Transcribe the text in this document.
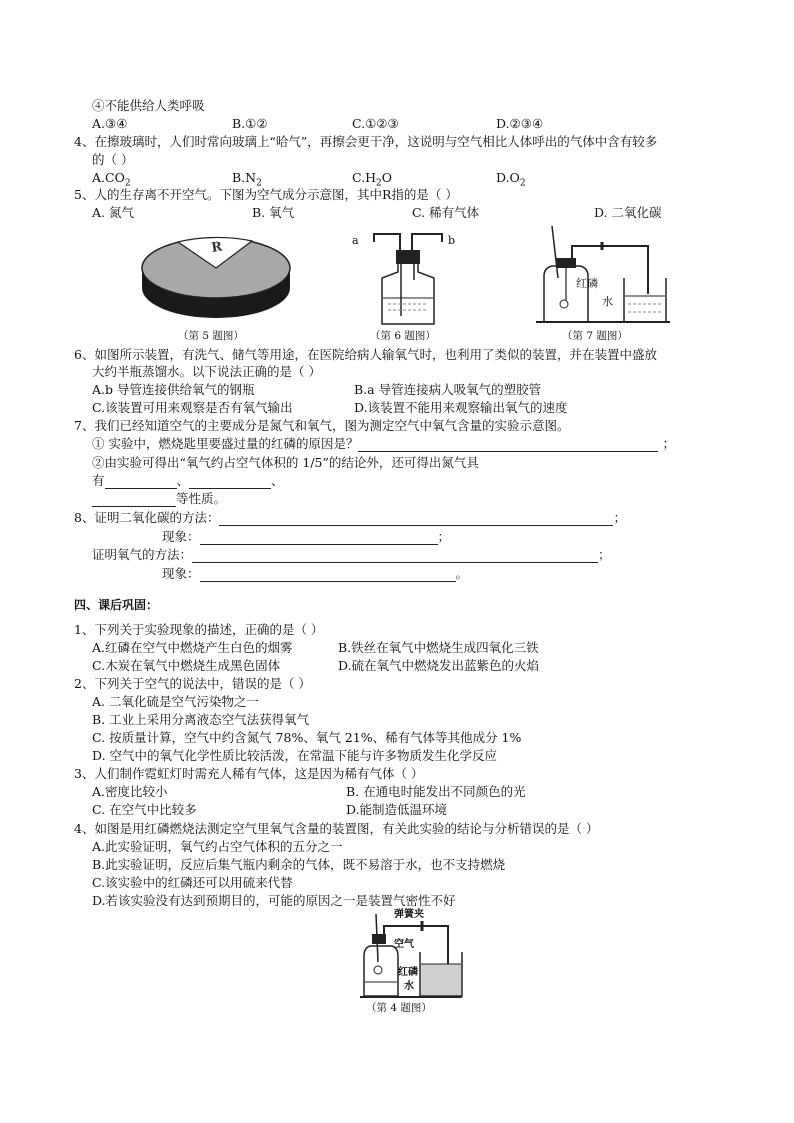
④不能供给人类呼吸
A.③④	B.①②	C.①②③	D.②③④
4、在擦玻璃时，人们时常向玻璃上“哈气”，再擦会更干净，这说明与空气相比人体呼出的气体中含有较多
的（ ）
$A.CO_2$	$B.N_2$	$C.H_2O$	$D.O_2$
5、人的生存离不开空气。下图为空气成分示意图，其中R指的是（ ）
A. 氮气	B. 氧气	C. 稀有气体	D. 二氧化碳
R
（第 5 题图）
a	b
（第 6 题图）
红磷
水
（第 7 题图）
6、如图所示装置，有洗气、储气等用途，在医院给病人输氧气时，也利用了类似的装置，并在装置中盛放
大约半瓶蒸馏水。以下说法正确的是（ ）
A.b 导管连接供给氧气的钢瓶	B.a 导管连接病人吸氧气的塑胶管
C.该装置可用来观察是否有氧气输出	D.该装置不能用来观察输出氧气的速度
7、我们已经知道空气的主要成分是氮气和氧气，图为测定空气中氧气含量的实验示意图。
① 实验中，燃烧匙里要盛过量的红磷的原因是？	；
②由实验可得出“氧气约占空气体积的 1/5”的结论外，还可得出氮气具
有	、	、
等性质。
8、证明二氧化碳的方法：	；
现象：	；
证明氧气的方法：	；
现象：	。
四、课后巩固：
1、下列关于实验现象的描述，正确的是（ ）
A.红磷在空气中燃烧产生白色的烟雾	B.铁丝在氧气中燃烧生成四氧化三铁
C.木炭在氧气中燃烧生成黑色固体	D.硫在氧气中燃烧发出蓝紫色的火焰
2、下列关于空气的说法中，错误的是（ ）
A. 二氧化硫是空气污染物之一
B. 工业上采用分离液态空气法获得氧气
C. 按质量计算，空气中约含氮气 78%、氧气 21%、稀有气体等其他成分 1%
D. 空气中的氧气化学性质比较活泼，在常温下能与许多物质发生化学反应
3、人们制作霓虹灯时需充人稀有气体，这是因为稀有气体（ ）
A.密度比较小	B. 在通电时能发出不同颜色的光
C. 在空气中比较多	D.能制造低温环境
4、如图是用红磷燃烧法测定空气里氧气含量的装置图，有关此实验的结论与分析错误的是（ ）
A.此实验证明，氧气约占空气体积的五分之一
B.此实验证明，反应后集气瓶内剩余的气体，既不易溶于水，也不支持燃烧
C.该实验中的红磷还可以用硫来代替
D.若该实验没有达到预期目的，可能的原因之一是装置气密性不好
弹簧夹
空气
红磷
水
（第 4 题图）
